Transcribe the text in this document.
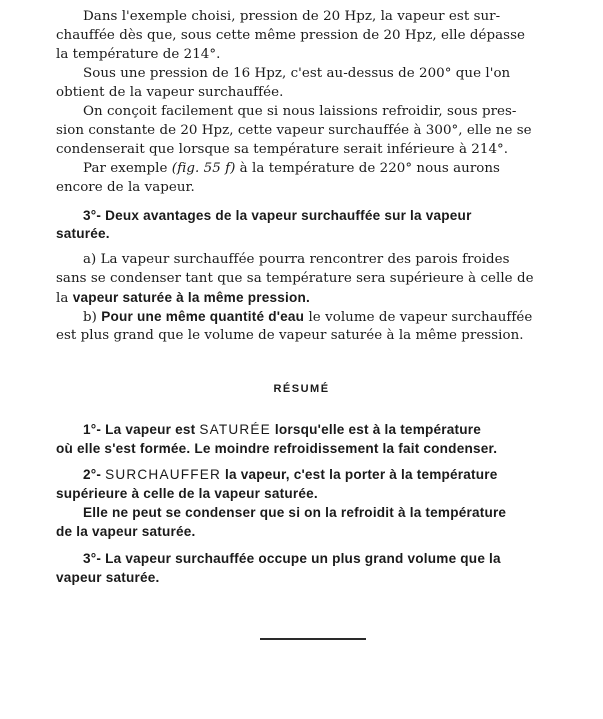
Dans l'exemple choisi, pression de 20 Hpz, la vapeur est sur-
chauffée dès que, sous cette même pression de 20 Hpz, elle dépasse
la température de 214°.
Sous une pression de 16 Hpz, c'est au-dessus de 200° que l'on
obtient de la vapeur surchauffée.
On conçoit facilement que si nous laissions refroidir, sous pres-
sion constante de 20 Hpz, cette vapeur surchauffée à 300°, elle ne se
condenserait que lorsque sa température serait inférieure à 214°.
Par exemple (fig. 55 f) à la température de 220° nous aurons
encore de la vapeur.
3°- Deux avantages de la vapeur surchauffée sur la vapeur
saturée.
a) La vapeur surchauffée pourra rencontrer des parois froides
sans se condenser tant que sa température sera supérieure à celle de
la vapeur saturée à la même pression.
b) Pour une même quantité d'eau le volume de vapeur surchauffée
est plus grand que le volume de vapeur saturée à la même pression.
RÉSUMÉ
1°- La vapeur est SATURÉE lorsqu'elle est à la température
où elle s'est formée. Le moindre refroidissement la fait condenser.
2°- SURCHAUFFER la vapeur, c'est la porter à la température
supérieure à celle de la vapeur saturée.
Elle ne peut se condenser que si on la refroidit à la température
de la vapeur saturée.
3°- La vapeur surchauffée occupe un plus grand volume que la
vapeur saturée.
